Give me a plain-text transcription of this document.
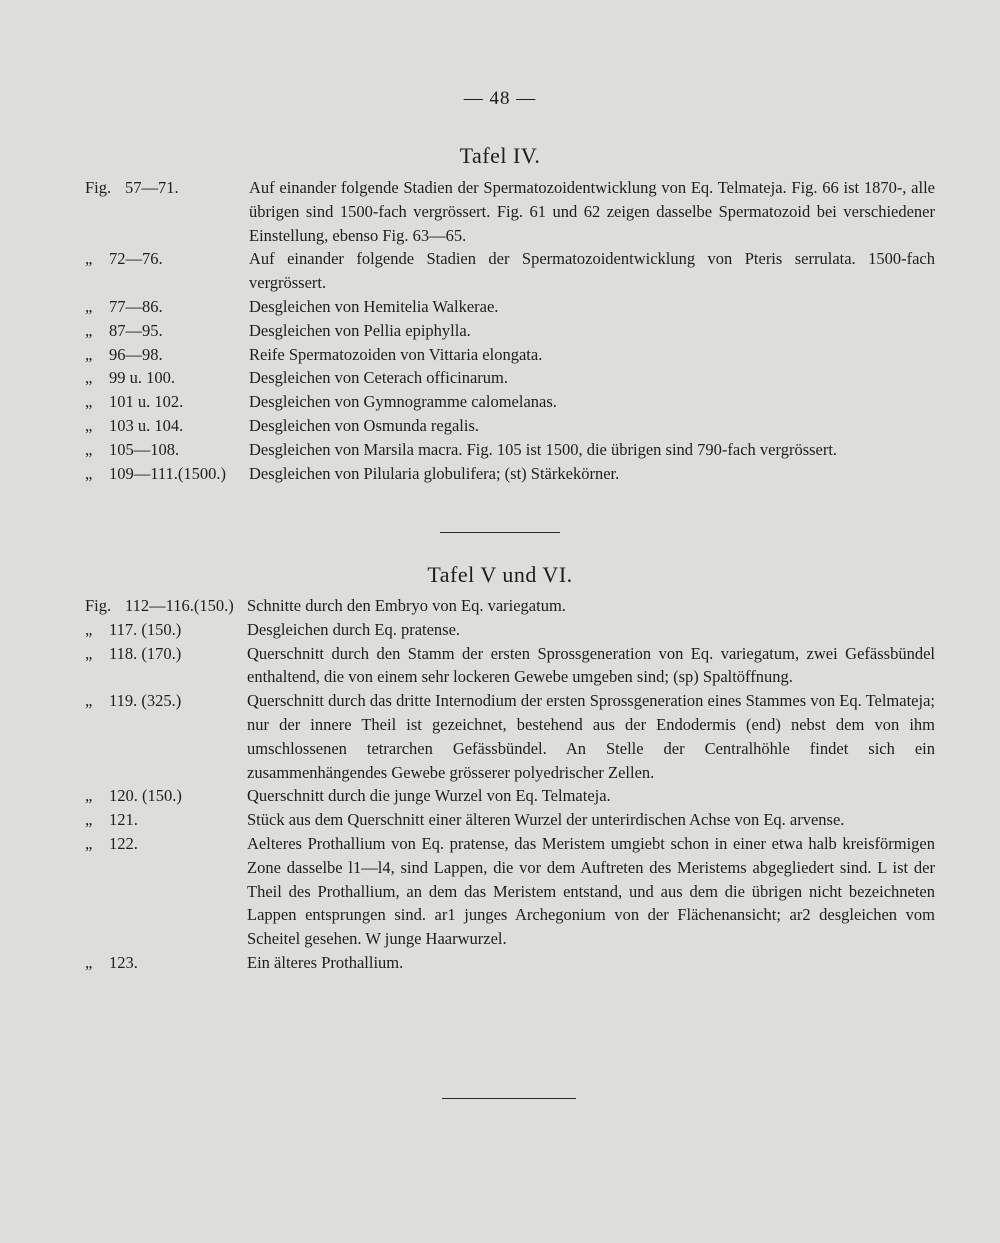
— 48 —
Tafel IV.
Fig. 57—71.	Auf einander folgende Stadien der Spermatozoidentwicklung von Eq. Telmateja. Fig. 66 ist 1870-, alle übrigen sind 1500-fach vergrössert. Fig. 61 und 62 zeigen dasselbe Spermatozoid bei verschiedener Einstellung, ebenso Fig. 63—65.
„ 72—76.	Auf einander folgende Stadien der Spermatozoidentwicklung von Pteris serrulata. 1500-fach vergrössert.
„ 77—86.	Desgleichen von Hemitelia Walkerae.
„ 87—95.	Desgleichen von Pellia epiphylla.
„ 96—98.	Reife Spermatozoiden von Vittaria elongata.
„ 99 u. 100.	Desgleichen von Ceterach officinarum.
„ 101 u. 102.	Desgleichen von Gymnogramme calomelanas.
„ 103 u. 104.	Desgleichen von Osmunda regalis.
„ 105—108.	Desgleichen von Marsila macra. Fig. 105 ist 1500, die übrigen sind 790-fach vergrössert.
„ 109—111.(1500.)	Desgleichen von Pilularia globulifera; (st) Stärkekörner.
Tafel V und VI.
Fig. 112—116.(150.) Schnitte durch den Embryo von Eq. variegatum.
„ 117. (150.)	Desgleichen durch Eq. pratense.
„ 118. (170.)	Querschnitt durch den Stamm der ersten Sprossgeneration von Eq. variegatum, zwei Gefässbündel enthaltend, die von einem sehr lockeren Gewebe umgeben sind; (sp) Spaltöffnung.
„ 119. (325.)	Querschnitt durch das dritte Internodium der ersten Sprossgeneration eines Stammes von Eq. Telmateja; nur der innere Theil ist gezeichnet, bestehend aus der Endodermis (end) nebst dem von ihm umschlossenen tetrarchen Gefässbündel. An Stelle der Centralhöhle findet sich ein zusammenhängendes Gewebe grösserer polyedrischer Zellen.
„ 120. (150.)	Querschnitt durch die junge Wurzel von Eq. Telmateja.
„ 121.	Stück aus dem Querschnitt einer älteren Wurzel der unterirdischen Achse von Eq. arvense.
„ 122.	Aelteres Prothallium von Eq. pratense, das Meristem umgiebt schon in einer etwa halb kreisförmigen Zone dasselbe l1—l4, sind Lappen, die vor dem Auftreten des Meristems abgegliedert sind. L ist der Theil des Prothallium, an dem das Meristem entstand, und aus dem die übrigen nicht bezeichneten Lappen entsprungen sind. ar1 junges Archegonium von der Flächenansicht; ar2 desgleichen vom Scheitel gesehen. W junge Haarwurzel.
„ 123.	Ein älteres Prothallium.
